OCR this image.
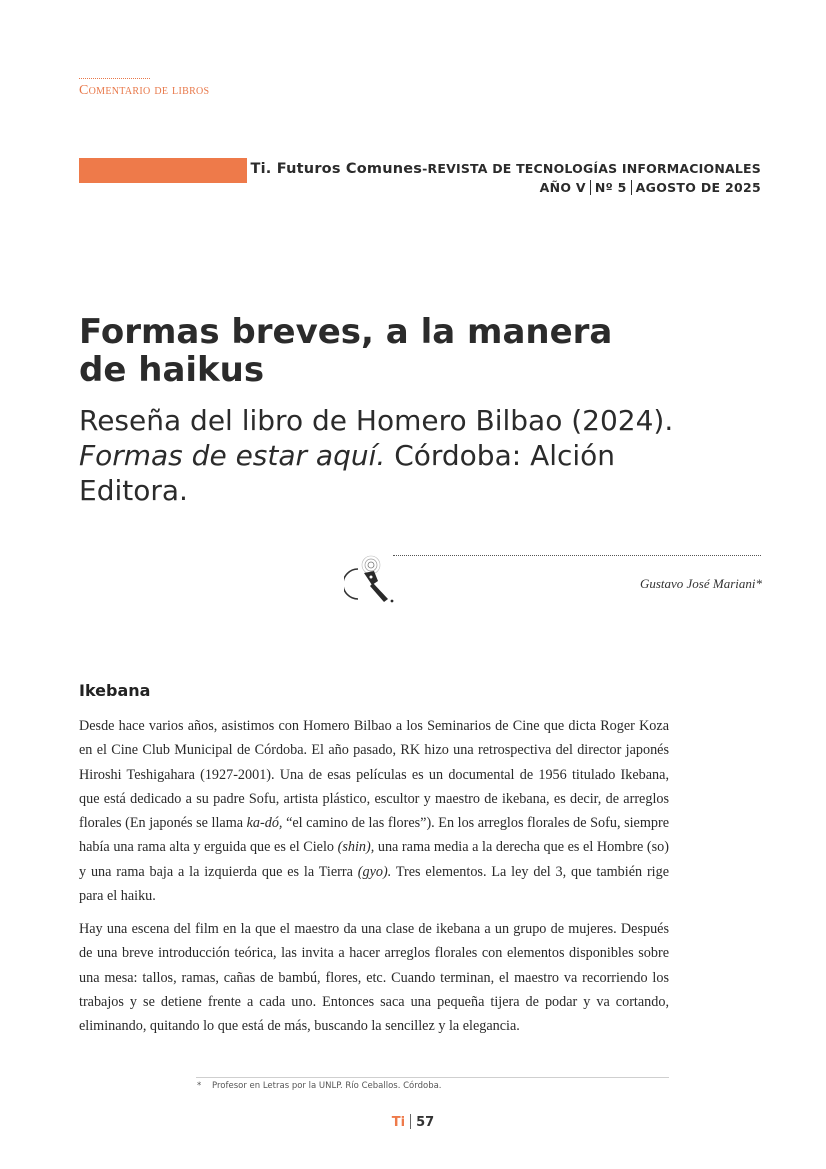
Comentario de libros
Ti. Futuros Comunes-REVISTA DE TECNOLOGÍAS INFORMACIONALES
AÑO V Nº 5 AGOSTO DE 2025
Formas breves, a la manera de haikus
Reseña del libro de Homero Bilbao (2024). Formas de estar aquí. Córdoba: Alción Editora.
Gustavo José Mariani*
Ikebana

Desde hace varios años, asistimos con Homero Bilbao a los Seminarios de Cine que dicta Roger Koza en el Cine Club Municipal de Córdoba. El año pasado, RK hizo una retrospectiva del director japonés Hiroshi Teshigahara (1927-2001). Una de esas películas es un documental de 1956 titulado Ikebana, que está dedicado a su padre Sofu, artista plástico, escultor y maestro de ikebana, es decir, de arreglos florales (En japonés se llama ka-dó, “el camino de las flores”). En los arreglos florales de Sofu, siempre había una rama alta y erguida que es el Cielo (shin), una rama media a la derecha que es el Hombre (so) y una rama baja a la izquierda que es la Tierra (gyo). Tres elementos. La ley del 3, que también rige para el haiku.

Hay una escena del film en la que el maestro da una clase de ikebana a un grupo de mujeres. Después de una breve introducción teórica, las invita a hacer arreglos florales con elementos disponibles sobre una mesa: tallos, ramas, cañas de bambú, flores, etc. Cuando terminan, el maestro va recorriendo los trabajos y se detiene frente a cada uno. Entonces saca una pequeña tijera de podar y va cortando, eliminando, quitando lo que está de más, buscando la sencillez y la elegancia.

* Profesor en Letras por la UNLP. Río Ceballos. Córdoba.
Ti 57
